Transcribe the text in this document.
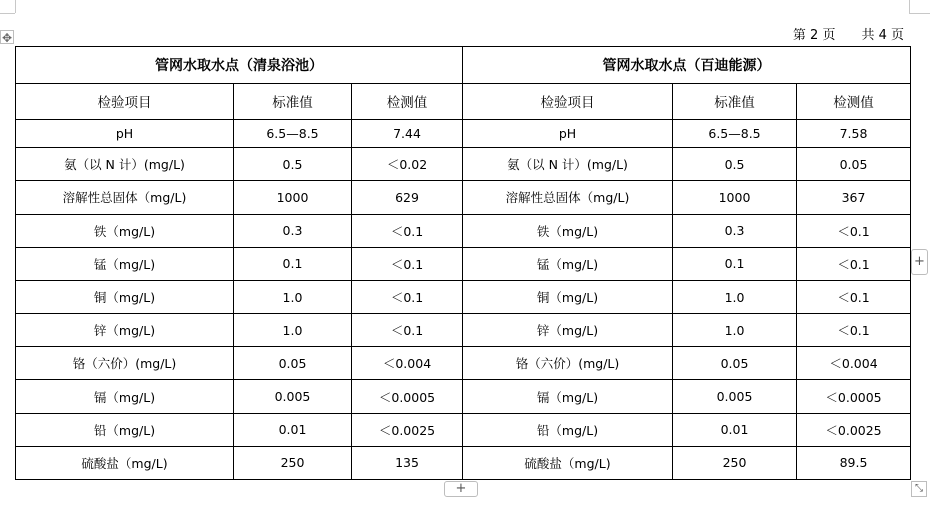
第 2 页 共 4 页
✥
管网水取水点（清泉浴池）			管网水取水点（百迪能源）		
检验项目	标准值	检测值	检验项目	标准值	检测值
pH	6.5—8.5	7.44	pH	6.5—8.5	7.58
氨（以 N 计）(mg/L)	0.5	＜0.02	氨（以 N 计）(mg/L)	0.5	0.05
溶解性总固体（mg/L)	1000	629	溶解性总固体（mg/L)	1000	367
铁（mg/L)	0.3	＜0.1	铁（mg/L)	0.3	＜0.1
锰（mg/L)	0.1	＜0.1	锰（mg/L)	0.1	＜0.1
铜（mg/L)	1.0	＜0.1	铜（mg/L)	1.0	＜0.1
锌（mg/L)	1.0	＜0.1	锌（mg/L)	1.0	＜0.1
铬（六价）(mg/L)	0.05	＜0.004	铬（六价）(mg/L)	0.05	＜0.004
镉（mg/L)	0.005	＜0.0005	镉（mg/L)	0.005	＜0.0005
铅（mg/L)	0.01	＜0.0025	铅（mg/L)	0.01	＜0.0025
硫酸盐（mg/L)	250	135	硫酸盐（mg/L)	250	89.5
+
+	⤡
